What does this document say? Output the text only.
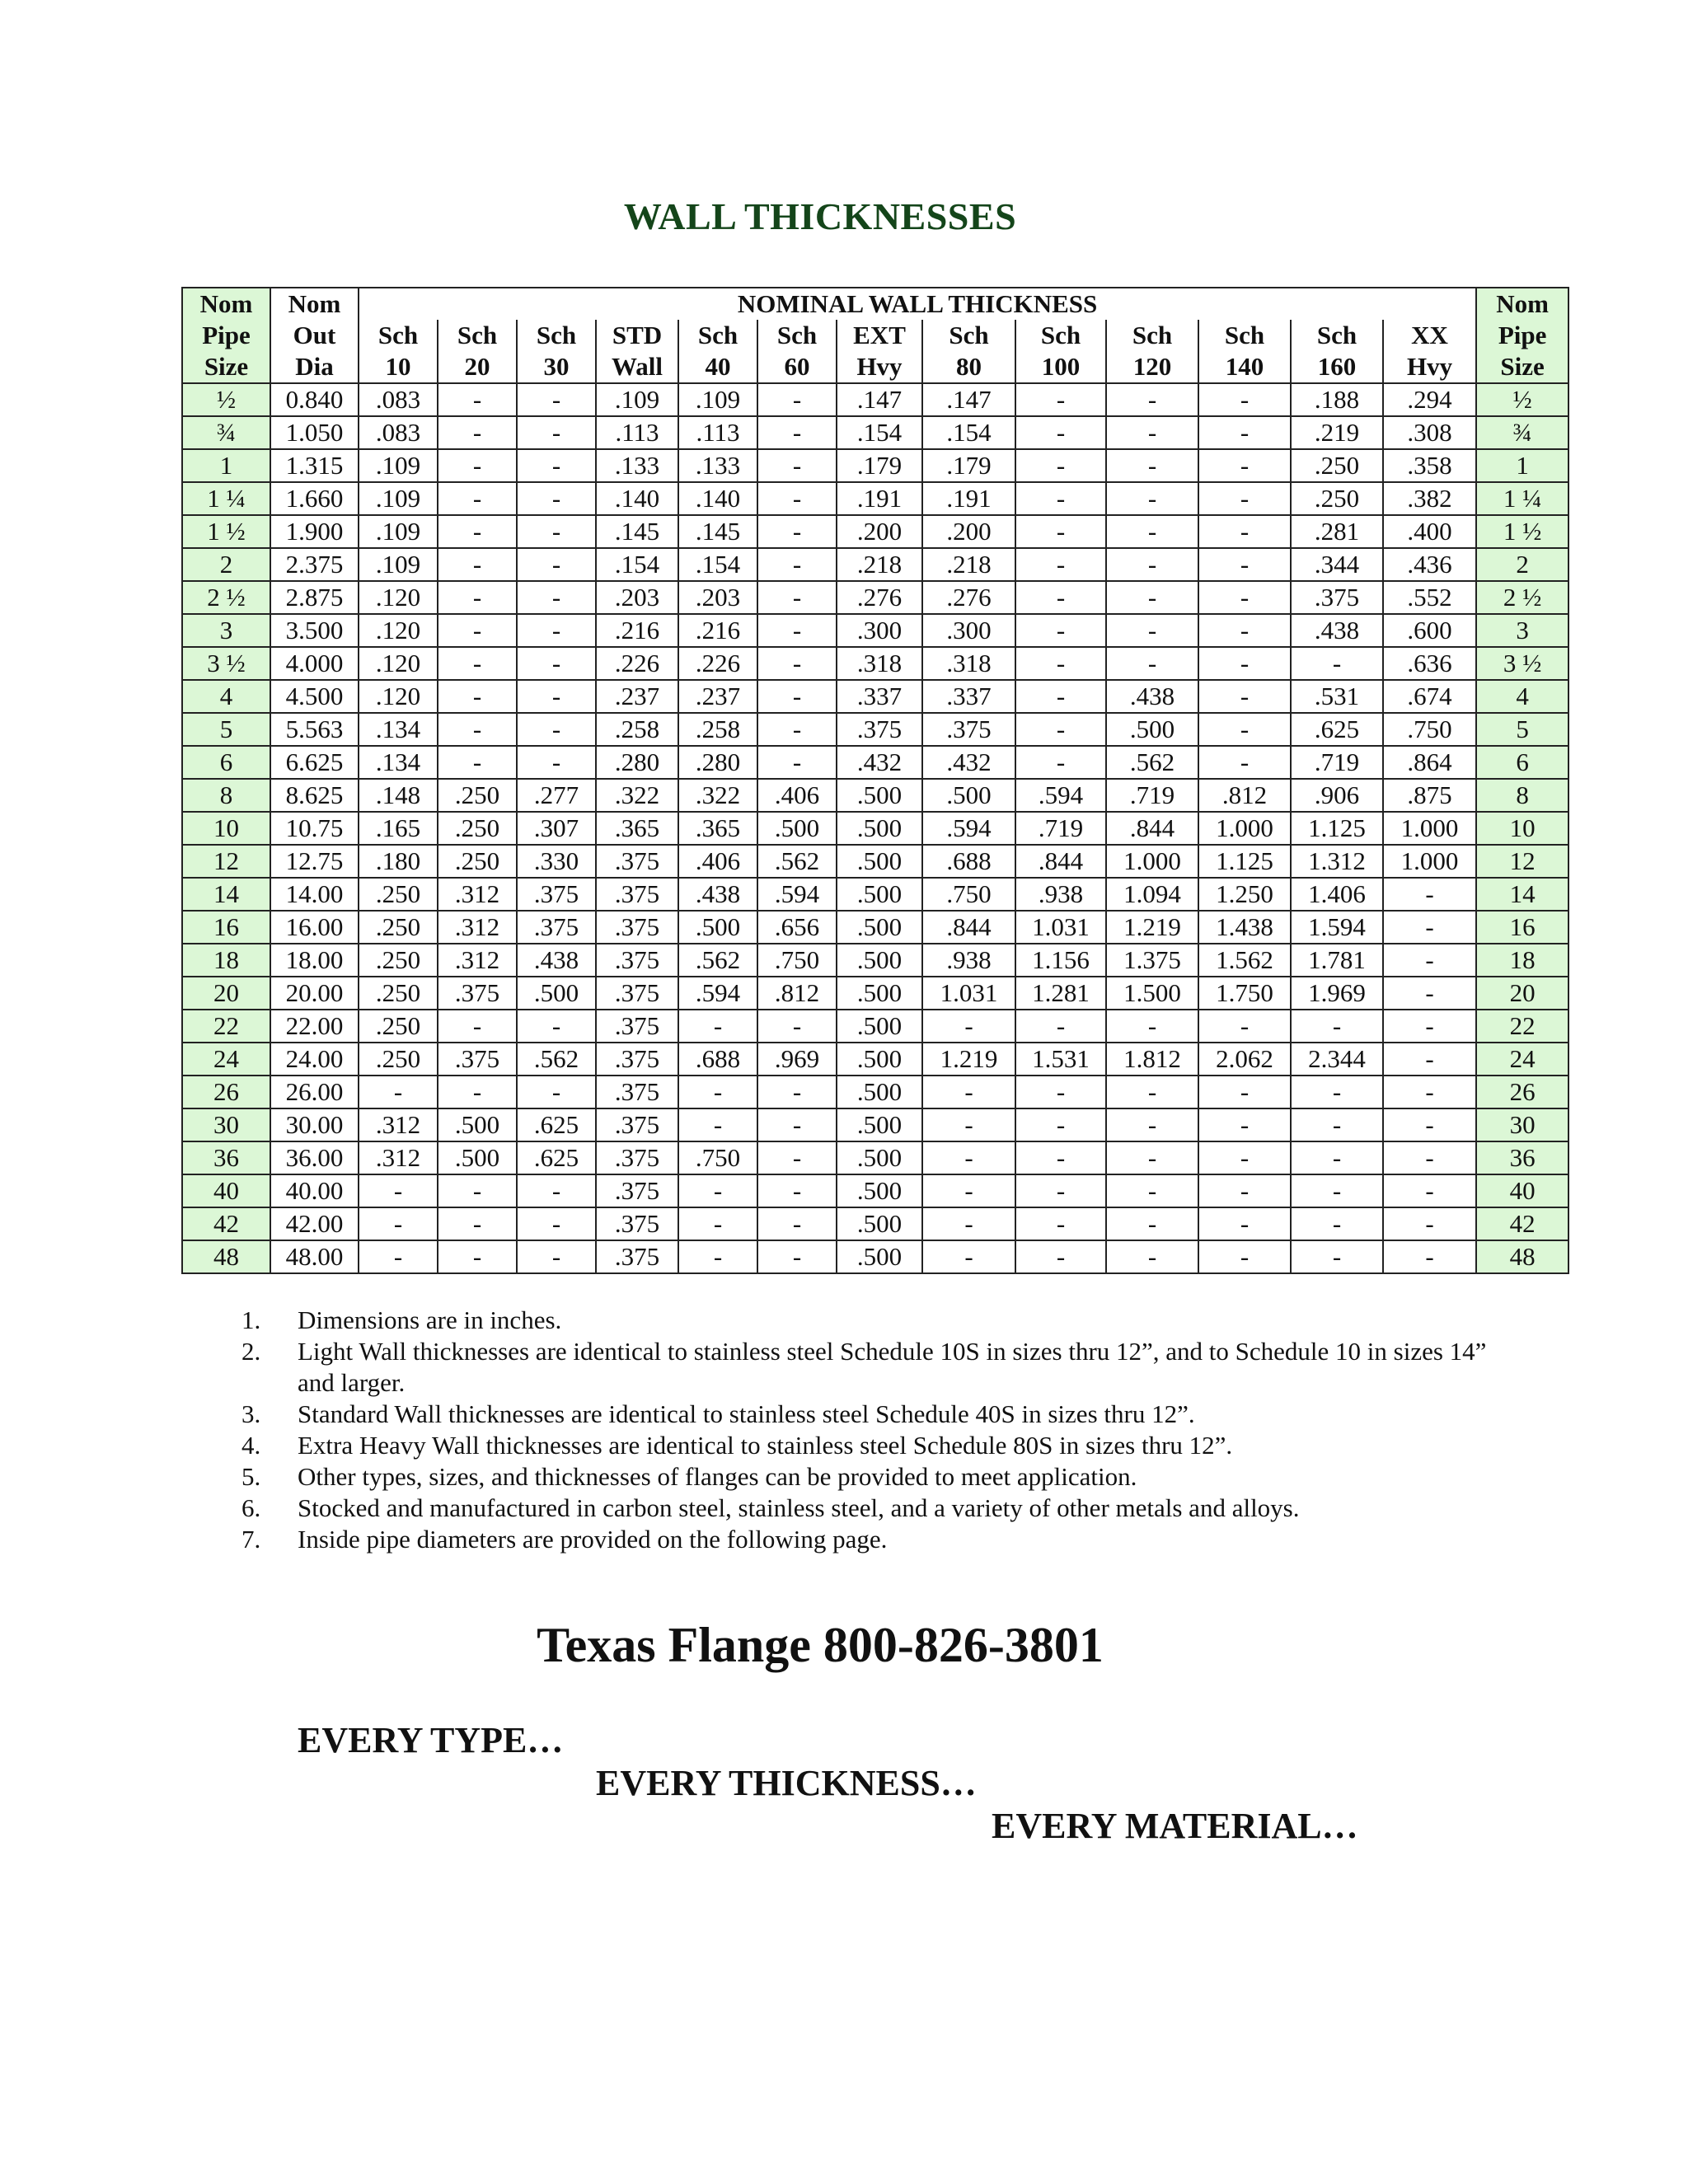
WALL THICKNESSES
Nom	Nom	NOMINAL WALL THICKNESS													Nom
Pipe	Out	Sch	Sch	Sch	STD	Sch	Sch	EXT	Sch	Sch	Sch	Sch	Sch	XX	Pipe
Size	Dia	10	20	30	Wall	40	60	Hvy	80	100	120	140	160	Hvy	Size
½	0.840	.083	-	-	.109	.109	-	.147	.147	-	-	-	.188	.294	½
¾	1.050	.083	-	-	.113	.113	-	.154	.154	-	-	-	.219	.308	¾
1	1.315	.109	-	-	.133	.133	-	.179	.179	-	-	-	.250	.358	1
1 ¼	1.660	.109	-	-	.140	.140	-	.191	.191	-	-	-	.250	.382	1 ¼
1 ½	1.900	.109	-	-	.145	.145	-	.200	.200	-	-	-	.281	.400	1 ½
2	2.375	.109	-	-	.154	.154	-	.218	.218	-	-	-	.344	.436	2
2 ½	2.875	.120	-	-	.203	.203	-	.276	.276	-	-	-	.375	.552	2 ½
3	3.500	.120	-	-	.216	.216	-	.300	.300	-	-	-	.438	.600	3
3 ½	4.000	.120	-	-	.226	.226	-	.318	.318	-	-	-	-	.636	3 ½
4	4.500	.120	-	-	.237	.237	-	.337	.337	-	.438	-	.531	.674	4
5	5.563	.134	-	-	.258	.258	-	.375	.375	-	.500	-	.625	.750	5
6	6.625	.134	-	-	.280	.280	-	.432	.432	-	.562	-	.719	.864	6
8	8.625	.148	.250	.277	.322	.322	.406	.500	.500	.594	.719	.812	.906	.875	8
10	10.75	.165	.250	.307	.365	.365	.500	.500	.594	.719	.844	1.000	1.125	1.000	10
12	12.75	.180	.250	.330	.375	.406	.562	.500	.688	.844	1.000	1.125	1.312	1.000	12
14	14.00	.250	.312	.375	.375	.438	.594	.500	.750	.938	1.094	1.250	1.406	-	14
16	16.00	.250	.312	.375	.375	.500	.656	.500	.844	1.031	1.219	1.438	1.594	-	16
18	18.00	.250	.312	.438	.375	.562	.750	.500	.938	1.156	1.375	1.562	1.781	-	18
20	20.00	.250	.375	.500	.375	.594	.812	.500	1.031	1.281	1.500	1.750	1.969	-	20
22	22.00	.250	-	-	.375	-	-	.500	-	-	-	-	-	-	22
24	24.00	.250	.375	.562	.375	.688	.969	.500	1.219	1.531	1.812	2.062	2.344	-	24
26	26.00	-	-	-	.375	-	-	.500	-	-	-	-	-	-	26
30	30.00	.312	.500	.625	.375	-	-	.500	-	-	-	-	-	-	30
36	36.00	.312	.500	.625	.375	.750	-	.500	-	-	-	-	-	-	36
40	40.00	-	-	-	.375	-	-	.500	-	-	-	-	-	-	40
42	42.00	-	-	-	.375	-	-	.500	-	-	-	-	-	-	42
48	48.00	-	-	-	.375	-	-	.500	-	-	-	-	-	-	48
1. Dimensions are in inches.
2. Light Wall thicknesses are identical to stainless steel Schedule 10S in sizes thru 12”, and to Schedule 10 in sizes 14” and larger.
3. Standard Wall thicknesses are identical to stainless steel Schedule 40S in sizes thru 12”.
4. Extra Heavy Wall thicknesses are identical to stainless steel Schedule 80S in sizes thru 12”.
5. Other types, sizes, and thicknesses of flanges can be provided to meet application.
6. Stocked and manufactured in carbon steel, stainless steel, and a variety of other metals and alloys.
7. Inside pipe diameters are provided on the following page.
Texas Flange 800-826-3801

EVERY TYPE…

EVERY THICKNESS…

EVERY MATERIAL…
